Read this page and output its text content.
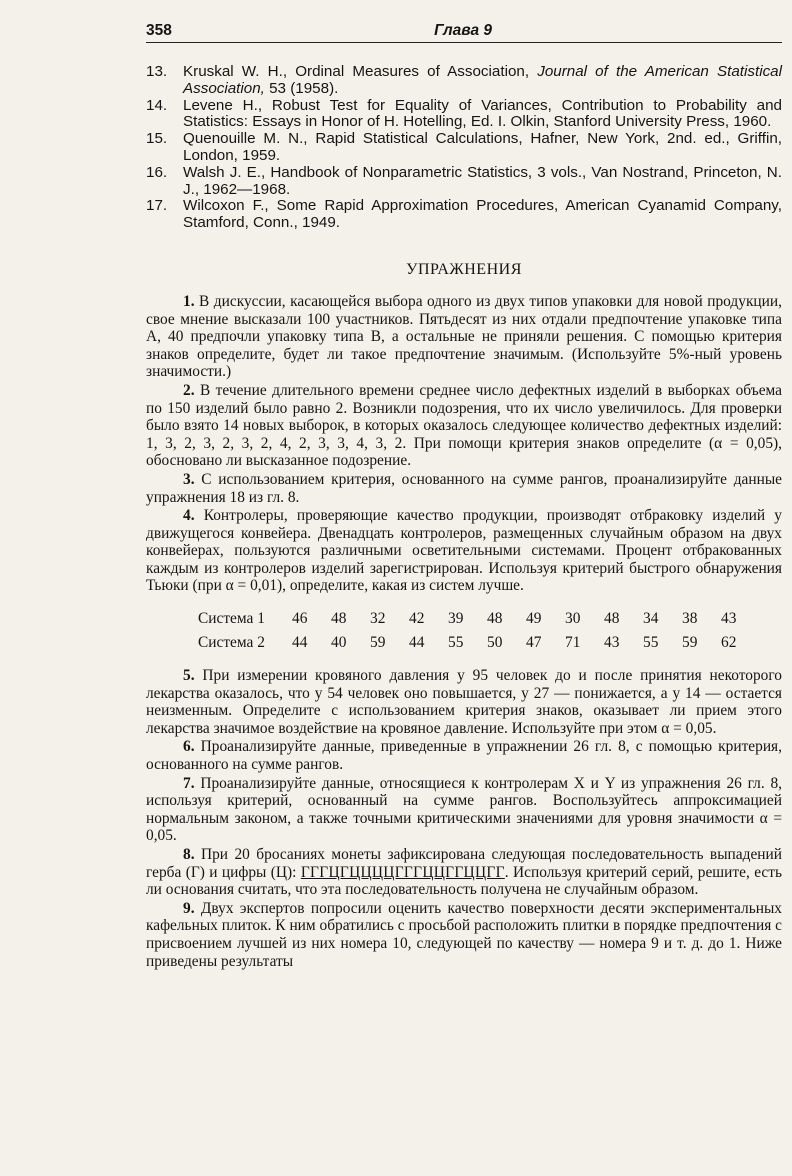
358	Глава 9
13.	Kruskal W. H., Ordinal Measures of Association, Journal of the American Statistical Association, 53 (1958).
14.	Levene H., Robust Test for Equality of Variances, Contribution to Probability and Statistics: Essays in Honor of H. Hotelling, Ed. I. Olkin, Stanford University Press, 1960.
15.	Quenouille M. N., Rapid Statistical Calculations, Hafner, New York, 2nd. ed., Griffin, London, 1959.
16.	Walsh J. E., Handbook of Nonparametric Statistics, 3 vols., Van Nostrand, Princeton, N. J., 1962—1968.
17.	Wilcoxon F., Some Rapid Approximation Procedures, American Cyanamid Company, Stamford, Conn., 1949.
УПРАЖНЕНИЯ

1. В дискуссии, касающейся выбора одного из двух типов упаковки для новой продукции, свое мнение высказали 100 участников. Пятьдесят из них отдали предпочтение упаковке типа A, 40 предпочли упаковку типа B, а остальные не приняли решения. С помощью критерия знаков определите, будет ли такое предпочтение значимым. (Используйте 5%-ный уровень значимости.)

2. В течение длительного времени среднее число дефектных изделий в выборках объема по 150 изделий было равно 2. Возникли подозрения, что их число увеличилось. Для проверки было взято 14 новых выборок, в которых оказалось следующее количество дефектных изделий: 1, 3, 2, 3, 2, 3, 2, 4, 2, 3, 3, 4, 3, 2. При помощи критерия знаков определите (α = 0,05), обосновано ли высказанное подозрение.

3. С использованием критерия, основанного на сумме рангов, проанализируйте данные упражнения 18 из гл. 8.

4. Контролеры, проверяющие качество продукции, производят отбраковку изделий у движущегося конвейера. Двенадцать контролеров, размещенных случайным образом на двух конвейерах, пользуются различными осветительными системами. Процент отбракованных каждым из контролеров изделий зарегистрирован. Используя критерий быстрого обнаружения Тьюки (при α = 0,01), определите, какая из систем лучше.

Система 1	46	48	32	42	39	48	49	30	48	34	38	43
Система 2	44	40	59	44	55	50	47	71	43	55	59	62

5. При измерении кровяного давления у 95 человек до и после принятия некоторого лекарства оказалось, что у 54 человек оно повышается, у 27 — понижается, а у 14 — остается неизменным. Определите с использованием критерия знаков, оказывает ли прием этого лекарства значимое воздействие на кровяное давление. Используйте при этом α = 0,05.

6. Проанализируйте данные, приведенные в упражнении 26 гл. 8, с помощью критерия, основанного на сумме рангов.

7. Проанализируйте данные, относящиеся к контролерам X и Y из упражнения 26 гл. 8, используя критерий, основанный на сумме рангов. Воспользуйтесь аппроксимацией нормальным законом, а также точными критическими значениями для уровня значимости α = 0,05.

8. При 20 бросаниях монеты зафиксирована следующая последовательность выпадений герба (Г) и цифры (Ц): ГГГЦГЦЦЦЦГГГЦЦГГЦЦГГ. Используя критерий серий, решите, есть ли основания считать, что эта последовательность получена не случайным образом.

9. Двух экспертов попросили оценить качество поверхности десяти экспериментальных кафельных плиток. К ним обратились с просьбой расположить плитки в порядке предпочтения с присвоением лучшей из них номера 10, следующей по качеству — номера 9 и т. д. до 1. Ниже приведены результаты
